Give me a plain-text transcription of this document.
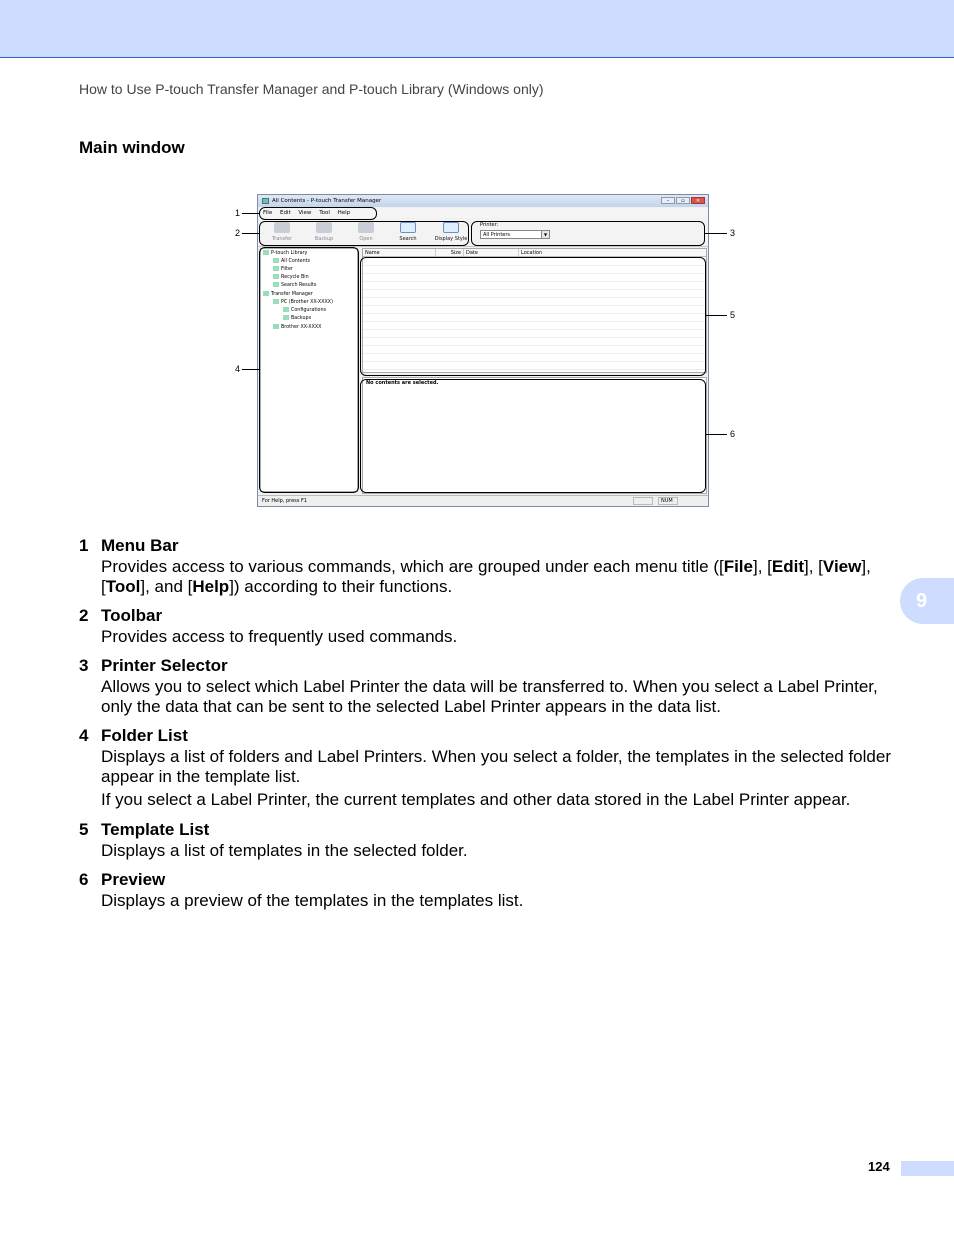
How to Use P-touch Transfer Manager and P-touch Library (Windows only)
Main window
All Contents - P-touch Transfer Manager	–	▫	✕
File Edit View Tool Help
Transfer	Backup	Open	Search	Display Style
Printer:
All Printers	▼
P-touch Library
All Contents
Filter
Recycle Bin
Search Results
Transfer Manager
PC (Brother XX-XXXX)
Configurations
Backups
Brother XX-XXXX
Name	Size	Date	Location
No contents are selected.
For Help, press F1	NUM
1
2	3
4
5
6
1 Menu Bar

Provides access to various commands, which are grouped under each menu title ([File], [Edit], [View], [Tool], and [Help]) according to their functions.

2 Toolbar

Provides access to frequently used commands.

3 Printer Selector

Allows you to select which Label Printer the data will be transferred to. When you select a Label Printer, only the data that can be sent to the selected Label Printer appears in the data list.

4 Folder List

Displays a list of folders and Label Printers. When you select a folder, the templates in the selected folder appear in the template list.

If you select a Label Printer, the current templates and other data stored in the Label Printer appear.

5 Template List

Displays a list of templates in the selected folder.

6 Preview

Displays a preview of the templates in the templates list.

9
124
